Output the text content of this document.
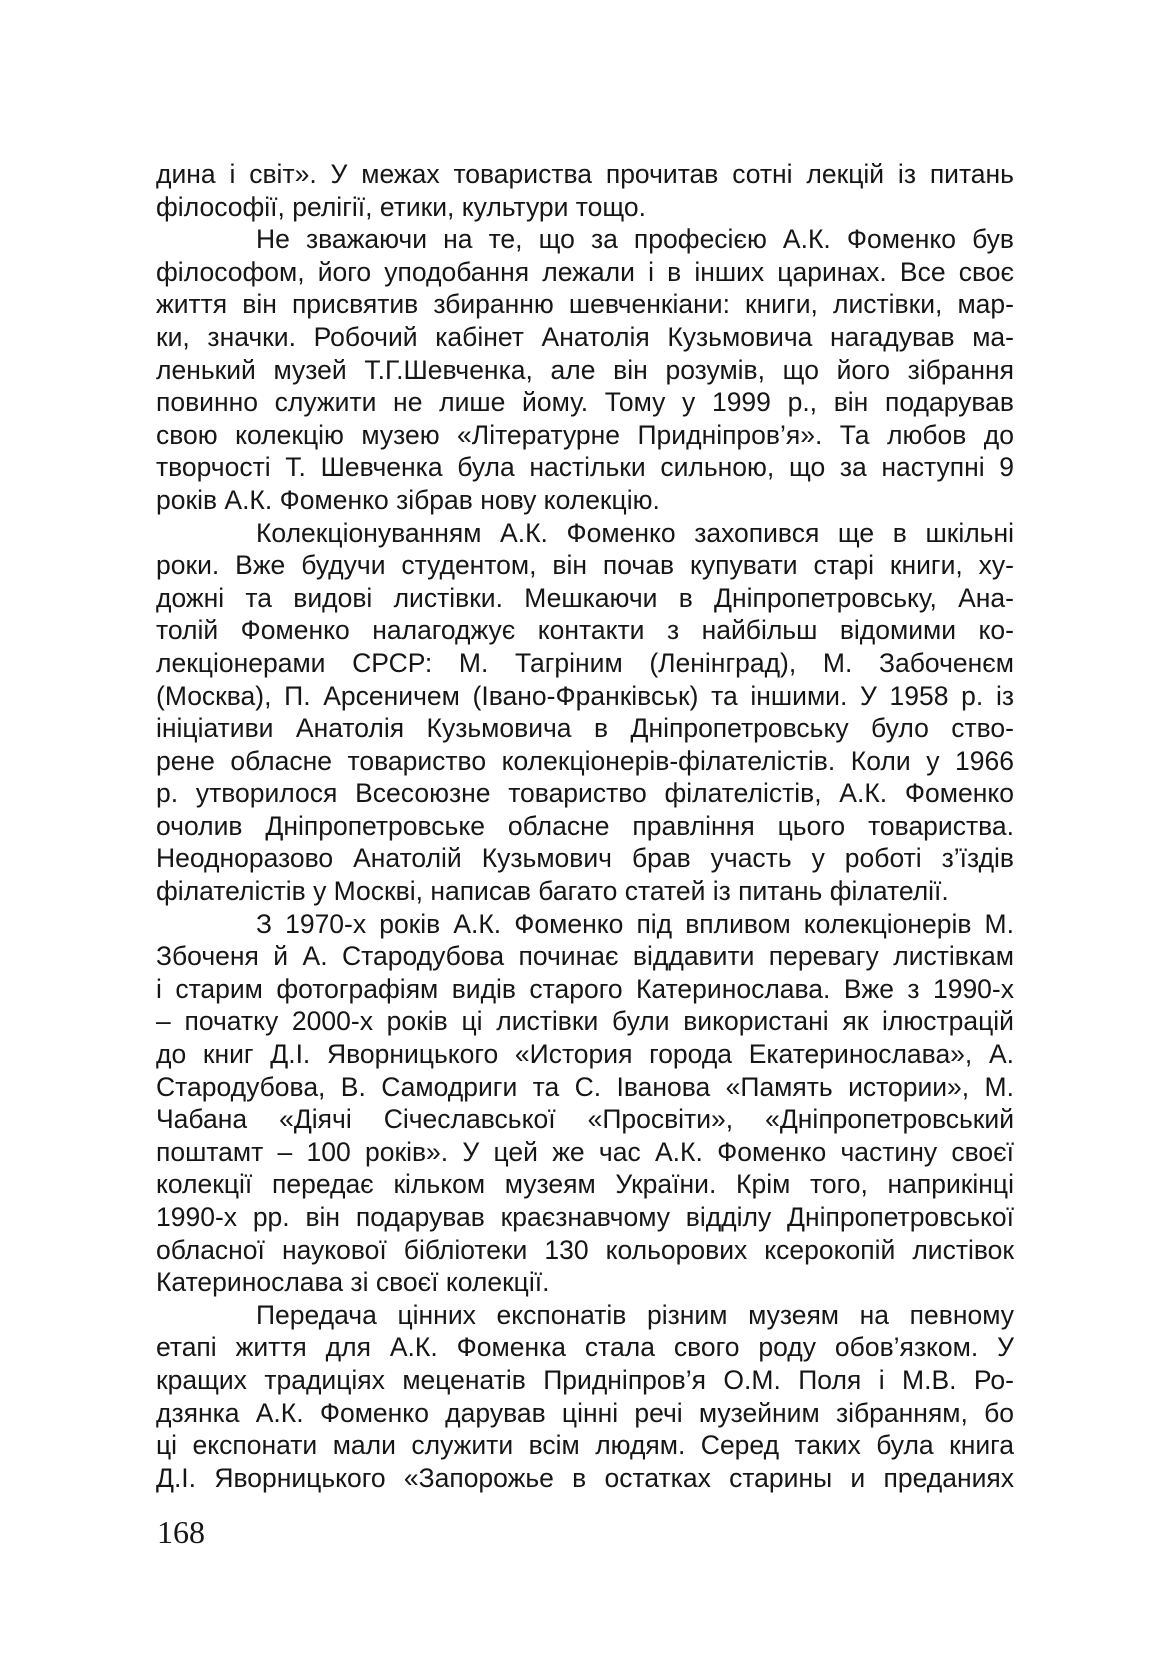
дина і світ». У межах товариства прочитав сотні лекцій із питань
філософії, релігії, етики, культури тощо.
Не зважаючи на те, що за професією А.К. Фоменко був
філософом, його уподобання лежали і в інших царинах. Все своє
життя він присвятив збиранню шевченкіани: книги, листівки, мар-
ки, значки. Робочий кабінет Анатолія Кузьмовича нагадував ма-
ленький музей Т.Г.Шевченка, але він розумів, що його зібрання
повинно служити не лише йому. Тому у 1999 р., він подарував
свою колекцію музею «Літературне Придніпров’я». Та любов до
творчості Т. Шевченка була настільки сильною, що за наступні 9
років А.К. Фоменко зібрав нову колекцію.
Колекціонуванням А.К. Фоменко захопився ще в шкільні
роки. Вже будучи студентом, він почав купувати старі книги, ху-
дожні та видові листівки. Мешкаючи в Дніпропетровську, Ана-
толій Фоменко налагоджує контакти з найбільш відомими ко-
лекціонерами СРСР: М. Тагріним (Ленінград), М. Забоченєм
(Москва), П. Арсеничем (Івано-Франківськ) та іншими. У 1958 р. із
ініціативи Анатолія Кузьмовича в Дніпропетровську було ство-
рене обласне товариство колекціонерів-філателістів. Коли у 1966
р. утворилося Всесоюзне товариство філателістів, А.К. Фоменко
очолив Дніпропетровське обласне правління цього товариства.
Неодноразово Анатолій Кузьмович брав участь у роботі з’їздів
філателістів у Москві, написав багато статей із питань філателії.
З 1970-х років А.К. Фоменко під впливом колекціонерів М.
Збоченя й А. Стародубова починає віддавити перевагу листівкам
і старим фотографіям видів старого Катеринослава. Вже з 1990-х
– початку 2000-х років ці листівки були використані як ілюстрацій
до книг Д.І. Яворницького «История города Екатеринослава», А.
Стародубова, В. Самодриги та С. Іванова «Память истории», М.
Чабана «Діячі Січеславської «Просвіти», «Дніпропетровський
поштамт – 100 років». У цей же час А.К. Фоменко частину своєї
колекції передає кільком музеям України. Крім того, наприкінці
1990-х рр. він подарував краєзнавчому відділу Дніпропетровської
обласної наукової бібліотеки 130 кольорових ксерокопій листівок
Катеринослава зі своєї колекції.
Передача цінних експонатів різним музеям на певному
етапі життя для А.К. Фоменка стала свого роду обов’язком. У
кращих традиціях меценатів Придніпров’я О.М. Поля і М.В. Ро-
дзянка А.К. Фоменко дарував цінні речі музейним зібранням, бо
ці експонати мали служити всім людям. Серед таких була книга
Д.І. Яворницького «Запорожье в остатках старины и преданиях
168
